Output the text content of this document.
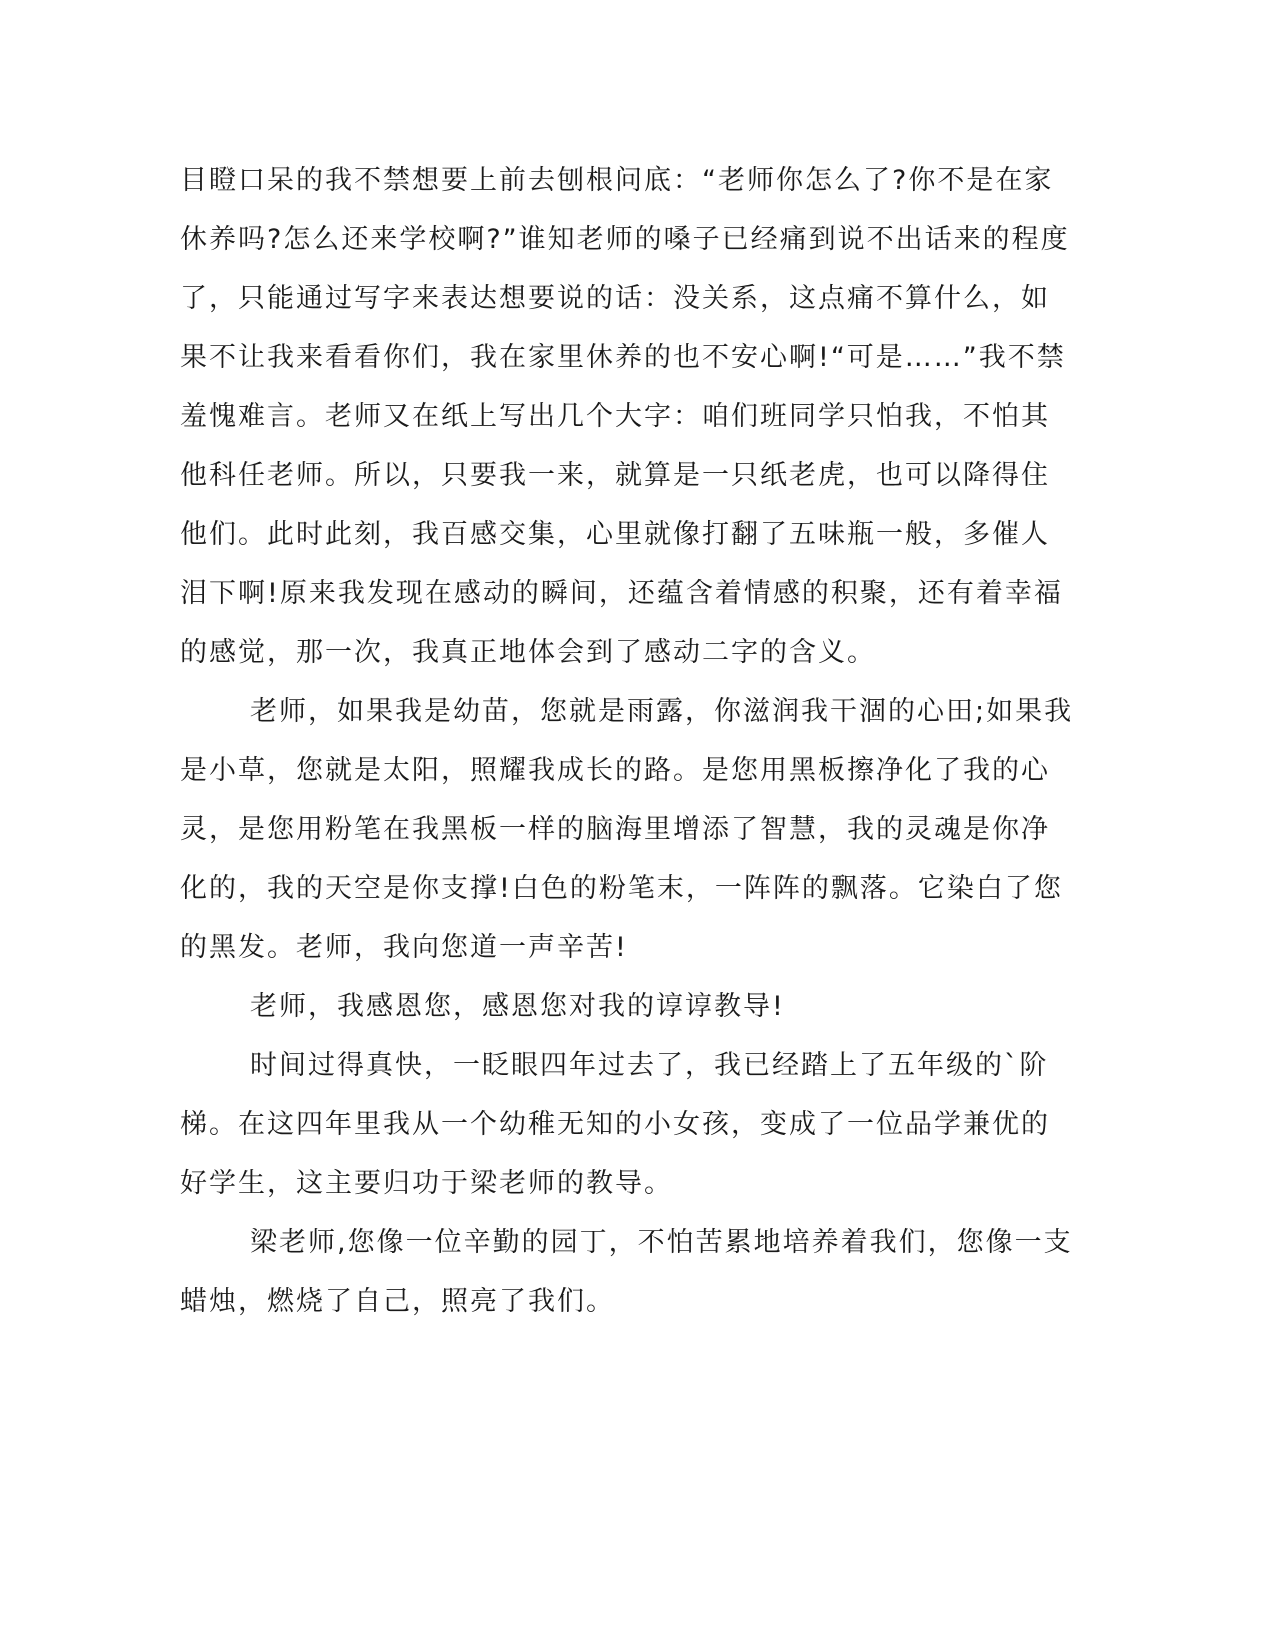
目瞪口呆的我不禁想要上前去刨根问底：“老师你怎么了?你不是在家
休养吗?怎么还来学校啊?”谁知老师的嗓子已经痛到说不出话来的程度
了，只能通过写字来表达想要说的话：没关系，这点痛不算什么，如
果不让我来看看你们，我在家里休养的也不安心啊!“可是……”我不禁
羞愧难言。老师又在纸上写出几个大字：咱们班同学只怕我，不怕其
他科任老师。所以，只要我一来，就算是一只纸老虎，也可以降得住
他们。此时此刻，我百感交集，心里就像打翻了五味瓶一般，多催人
泪下啊!原来我发现在感动的瞬间，还蕴含着情感的积聚，还有着幸福
的感觉，那一次，我真正地体会到了感动二字的含义。
老师，如果我是幼苗，您就是雨露，你滋润我干涸的心田;如果我
是小草，您就是太阳，照耀我成长的路。是您用黑板擦净化了我的心
灵，是您用粉笔在我黑板一样的脑海里增添了智慧，我的灵魂是你净
化的，我的天空是你支撑!白色的粉笔末，一阵阵的飘落。它染白了您
的黑发。老师，我向您道一声辛苦!
老师，我感恩您，感恩您对我的谆谆教导!
时间过得真快，一眨眼四年过去了，我已经踏上了五年级的`阶
梯。在这四年里我从一个幼稚无知的小女孩，变成了一位品学兼优的
好学生，这主要归功于梁老师的教导。
梁老师,您像一位辛勤的园丁，不怕苦累地培养着我们，您像一支
蜡烛，燃烧了自己，照亮了我们。
